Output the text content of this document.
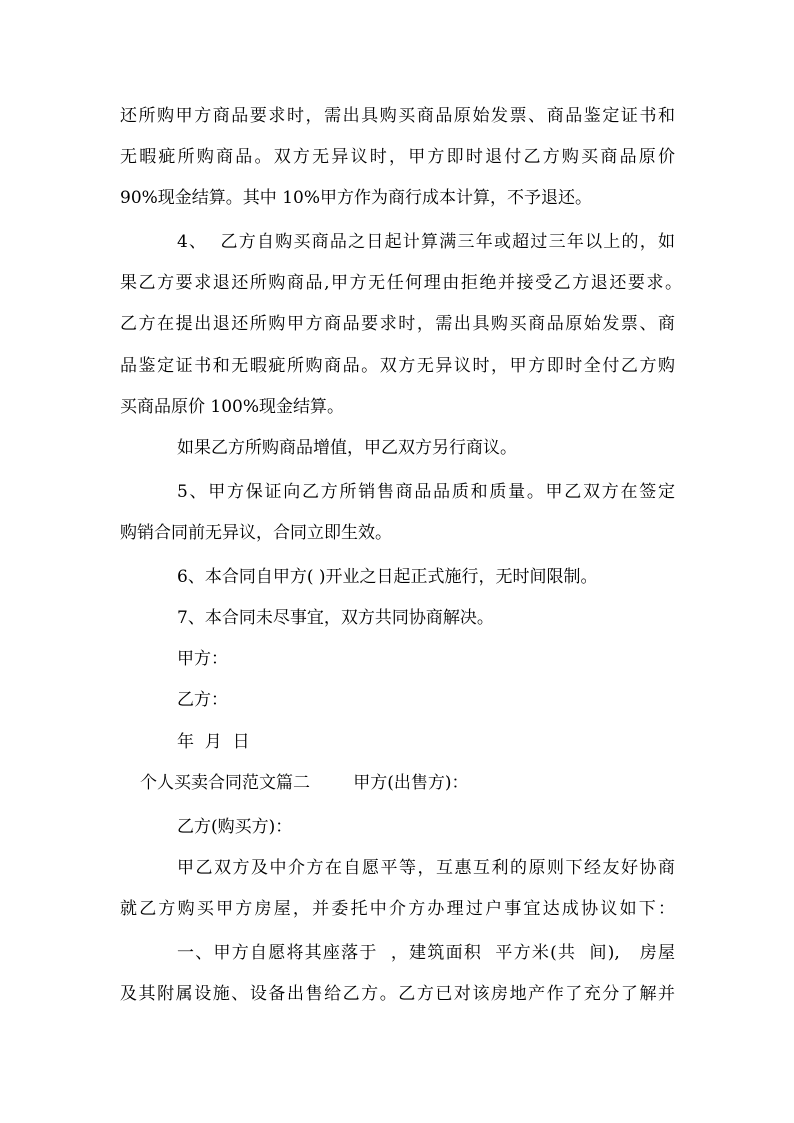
还所购甲方商品要求时，需出具购买商品原始发票、商品鉴定证书和
无暇疵所购商品。双方无异议时，甲方即时退付乙方购买商品原价
90%现金结算。其中 10%甲方作为商行成本计算，不予退还。
4、  乙方自购买商品之日起计算满三年或超过三年以上的，如
果乙方要求退还所购商品,甲方无任何理由拒绝并接受乙方退还要求。
乙方在提出退还所购甲方商品要求时，需出具购买商品原始发票、商
品鉴定证书和无暇疵所购商品。双方无异议时，甲方即时全付乙方购
买商品原价 100%现金结算。
如果乙方所购商品增值，甲乙双方另行商议。
5、甲方保证向乙方所销售商品品质和质量。甲乙双方在签定
购销合同前无异议，合同立即生效。
6、本合同自甲方( )开业之日起正式施行，无时间限制。
7、本合同未尽事宜，双方共同协商解决。
甲方：
乙方：
年  月  日
个人买卖合同范文篇二        甲方(出售方)：
乙方(购买方)：
甲乙双方及中介方在自愿平等，互惠互利的原则下经友好协商
就乙方购买甲方房屋，并委托中介方办理过户事宜达成协议如下：
一、甲方自愿将其座落于  ，建筑面积  平方米(共  间),   房屋
及其附属设施、设备出售给乙方。乙方已对该房地产作了充分了解并
